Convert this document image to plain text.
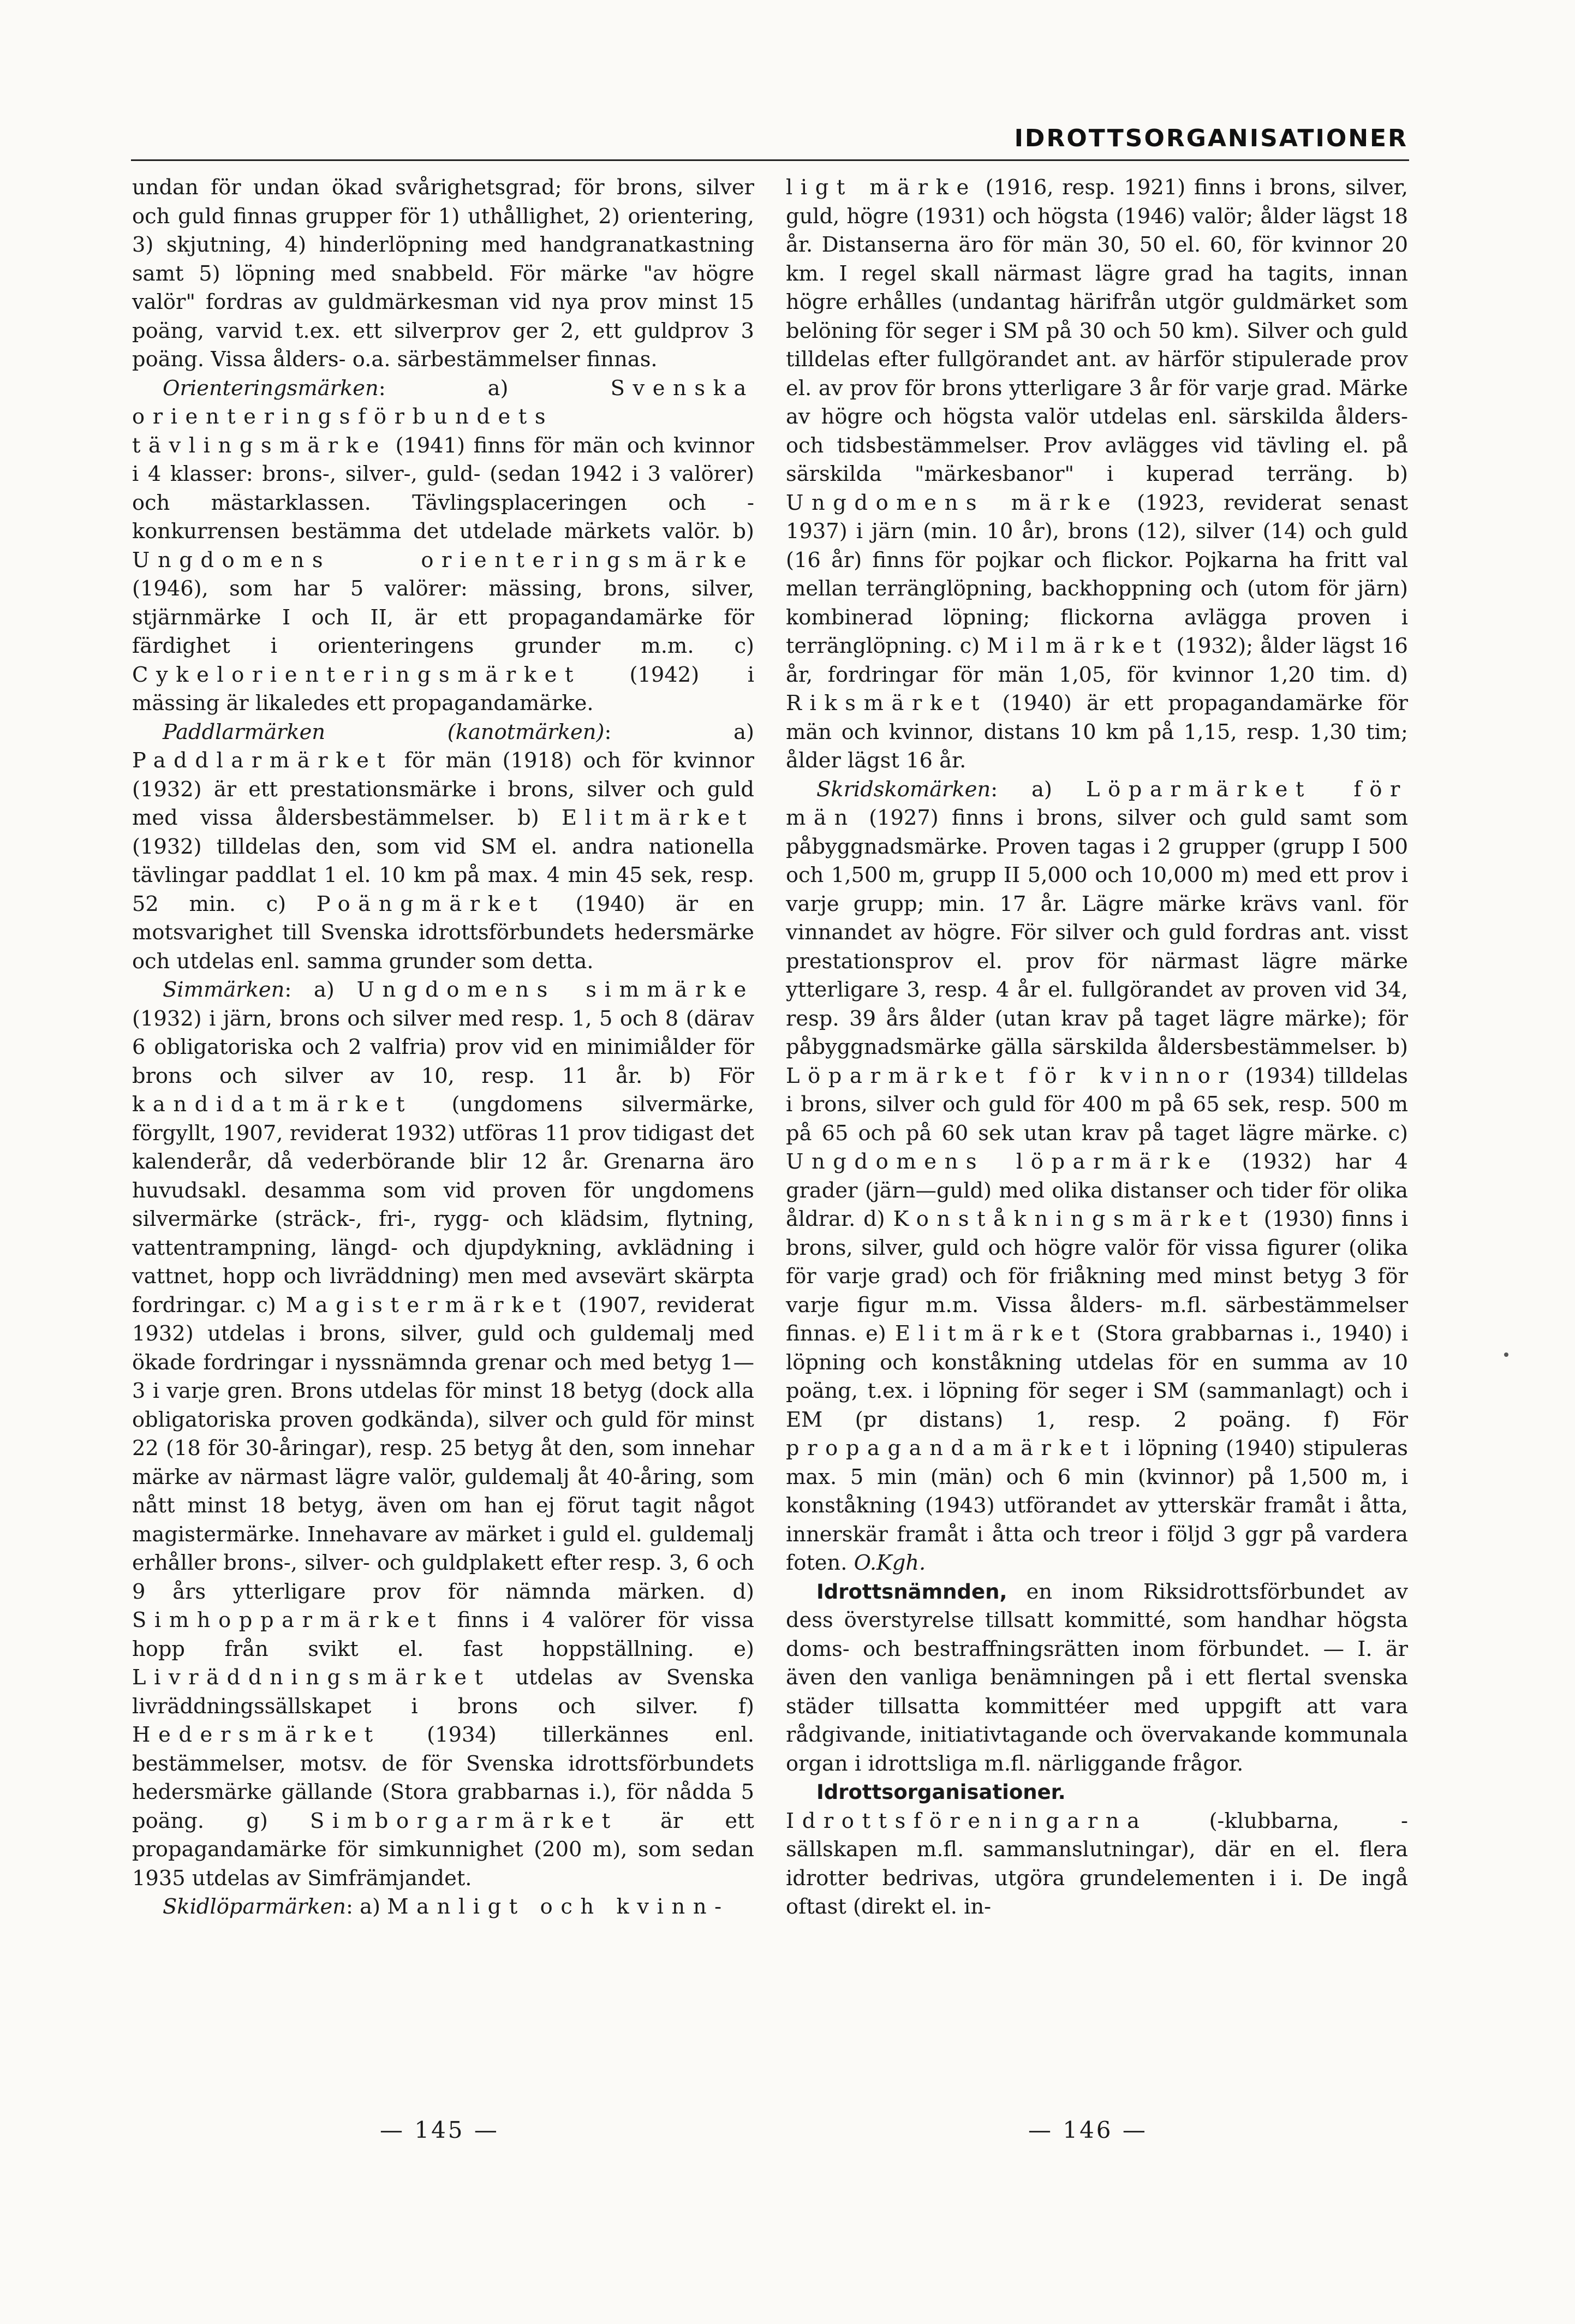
IDROTTSORGANISATIONER

undan för undan ökad svårighetsgrad; för brons, silver och guld finnas grupper för 1) uthållighet, 2) orientering, 3) skjutning, 4) hinderlöpning med handgranatkastning samt 5) löpning med snabbeld. För märke "av högre valör" fordras av guldmärkesman vid nya prov minst 15 poäng, varvid t.ex. ett silverprov ger 2, ett guldprov 3 poäng. Vissa ålders- o.a. särbestämmelser finnas.

Orienteringsmärken: a) Svenska orienteringsförbundets tävlingsmärke (1941) finns för män och kvinnor i 4 klasser: brons-, silver-, guld- (sedan 1942 i 3 valörer) och mästarklassen. Tävlingsplaceringen och -konkurrensen bestämma det utdelade märkets valör. b) Ungdomens orienteringsmärke (1946), som har 5 valörer: mässing, brons, silver, stjärnmärke I och II, är ett propagandamärke för färdighet i orienteringens grunder m.m. c) Cykelorienteringsmärket (1942) i mässing är likaledes ett propagandamärke.

Paddlarmärken (kanotmärken): a) Paddlarmärket för män (1918) och för kvinnor (1932) är ett prestationsmärke i brons, silver och guld med vissa åldersbestämmelser. b) Elitmärket (1932) tilldelas den, som vid SM el. andra nationella tävlingar paddlat 1 el. 10 km på max. 4 min 45 sek, resp. 52 min. c) Poängmärket (1940) är en motsvarighet till Svenska idrottsförbundets hedersmärke och utdelas enl. samma grunder som detta.

Simmärken: a) Ungdomens simmärke (1932) i järn, brons och silver med resp. 1, 5 och 8 (därav 6 obligatoriska och 2 valfria) prov vid en minimiålder för brons och silver av 10, resp. 11 år. b) För kandidatmärket (ungdomens silvermärke, förgyllt, 1907, reviderat 1932) utföras 11 prov tidigast det kalenderår, då vederbörande blir 12 år. Grenarna äro huvudsakl. desamma som vid proven för ungdomens silvermärke (sträck-, fri-, rygg- och klädsim, flytning, vattentrampning, längd- och djupdykning, avklädning i vattnet, hopp och livräddning) men med avsevärt skärpta fordringar. c) Magistermärket (1907, reviderat 1932) utdelas i brons, silver, guld och guldemalj med ökade fordringar i nyssnämnda grenar och med betyg 1—3 i varje gren. Brons utdelas för minst 18 betyg (dock alla obligatoriska proven godkända), silver och guld för minst 22 (18 för 30-åringar), resp. 25 betyg åt den, som innehar märke av närmast lägre valör, guldemalj åt 40-åring, som nått minst 18 betyg, även om han ej förut tagit något magistermärke. Innehavare av märket i guld el. guldemalj erhåller brons-, silver- och guldplakett efter resp. 3, 6 och 9 års ytterligare prov för nämnda märken. d) Simhopparmärket finns i 4 valörer för vissa hopp från svikt el. fast hoppställning. e) Livräddningsmärket utdelas av Svenska livräddningssällskapet i brons och silver. f) Hedersmärket (1934) tillerkännes enl. bestämmelser, motsv. de för Svenska idrottsförbundets hedersmärke gällande (Stora grabbarnas i.), för nådda 5 poäng. g) Simborgarmärket är ett propagandamärke för simkunnighet (200 m), som sedan 1935 utdelas av Simfrämjandet.

Skidlöparmärken: a) Manligt och kvinn-

ligt märke (1916, resp. 1921) finns i brons, silver, guld, högre (1931) och högsta (1946) valör; ålder lägst 18 år. Distanserna äro för män 30, 50 el. 60, för kvinnor 20 km. I regel skall närmast lägre grad ha tagits, innan högre erhålles (undantag härifrån utgör guldmärket som belöning för seger i SM på 30 och 50 km). Silver och guld tilldelas efter fullgörandet ant. av härför stipulerade prov el. av prov för brons ytterligare 3 år för varje grad. Märke av högre och högsta valör utdelas enl. särskilda ålders- och tidsbestämmelser. Prov avlägges vid tävling el. på särskilda "märkesbanor" i kuperad terräng. b) Ungdomens märke (1923, reviderat senast 1937) i järn (min. 10 år), brons (12), silver (14) och guld (16 år) finns för pojkar och flickor. Pojkarna ha fritt val mellan terränglöpning, backhoppning och (utom för järn) kombinerad löpning; flickorna avlägga proven i terränglöpning. c) Milmärket (1932); ålder lägst 16 år, fordringar för män 1,05, för kvinnor 1,20 tim. d) Riksmärket (1940) är ett propagandamärke för män och kvinnor, distans 10 km på 1,15, resp. 1,30 tim; ålder lägst 16 år.

Skridskomärken: a) Löparmärket för män (1927) finns i brons, silver och guld samt som påbyggnadsmärke. Proven tagas i 2 grupper (grupp I 500 och 1,500 m, grupp II 5,000 och 10,000 m) med ett prov i varje grupp; min. 17 år. Lägre märke krävs vanl. för vinnandet av högre. För silver och guld fordras ant. visst prestationsprov el. prov för närmast lägre märke ytterligare 3, resp. 4 år el. fullgörandet av proven vid 34, resp. 39 års ålder (utan krav på taget lägre märke); för påbyggnadsmärke gälla särskilda åldersbestämmelser. b) Löparmärket för kvinnor (1934) tilldelas i brons, silver och guld för 400 m på 65 sek, resp. 500 m på 65 och på 60 sek utan krav på taget lägre märke. c) Ungdomens löparmärke (1932) har 4 grader (järn—guld) med olika distanser och tider för olika åldrar. d) Konståkningsmärket (1930) finns i brons, silver, guld och högre valör för vissa figurer (olika för varje grad) och för friåkning med minst betyg 3 för varje figur m.m. Vissa ålders- m.fl. särbestämmelser finnas. e) Elitmärket (Stora grabbarnas i., 1940) i löpning och konståkning utdelas för en summa av 10 poäng, t.ex. i löpning för seger i SM (sammanlagt) och i EM (pr distans) 1, resp. 2 poäng. f) För propagandamärket i löpning (1940) stipuleras max. 5 min (män) och 6 min (kvinnor) på 1,500 m, i konståkning (1943) utförandet av ytterskär framåt i åtta, innerskär framåt i åtta och treor i följd 3 ggr på vardera foten. O.Kgh.

Idrottsnämnden, en inom Riksidrottsförbundet av dess överstyrelse tillsatt kommitté, som handhar högsta doms- och bestraffningsrätten inom förbundet. — I. är även den vanliga benämningen på i ett flertal svenska städer tillsatta kommittéer med uppgift att vara rådgivande, initiativtagande och övervakande kommunala organ i idrottsliga m.fl. närliggande frågor.

Idrottsorganisationer. Idrottsföreningarna (-klubbarna, -sällskapen m.fl. sammanslutningar), där en el. flera idrotter bedrivas, utgöra grundelementen i i. De ingå oftast (direkt el. in-

— 145 —	— 146 —
